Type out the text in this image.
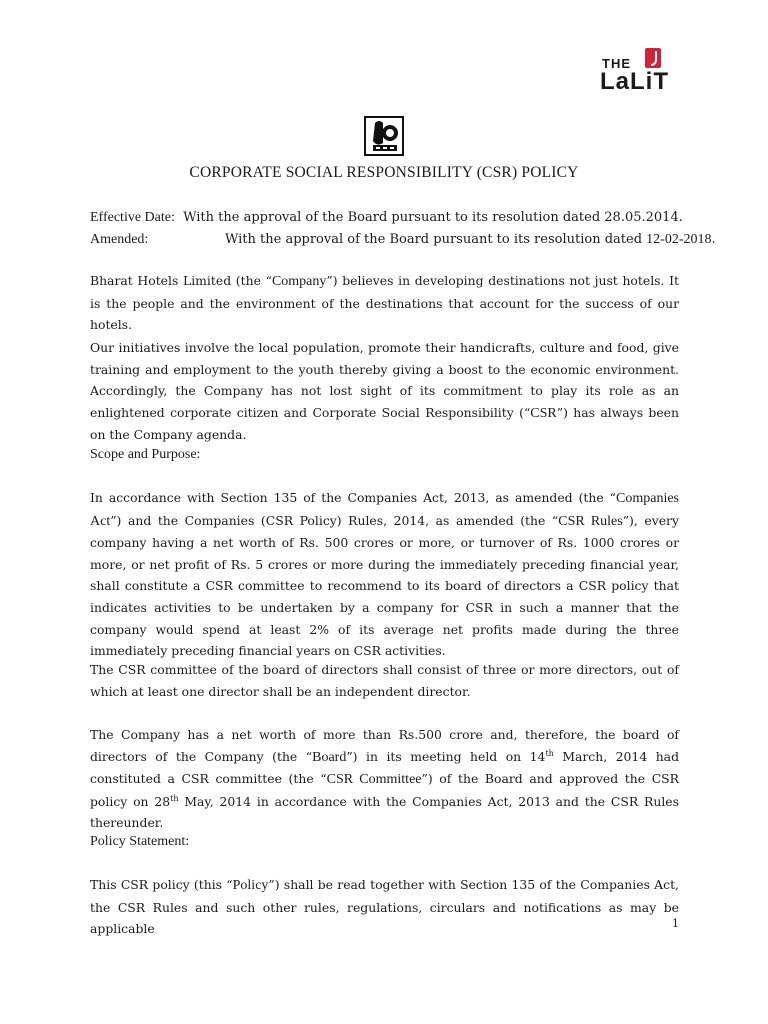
THE
LaLiT
CORPORATE SOCIAL RESPONSIBILITY (CSR) POLICY
Effective Date: With the approval of the Board pursuant to its resolution dated 28.05.2014.
Amended:	With the approval of the Board pursuant to its resolution dated 12-02-2018.

Bharat Hotels Limited (the “Company”) believes in developing destinations not just hotels. It is the people and the environment of the destinations that account for the success of our hotels.

Our initiatives involve the local population, promote their handicrafts, culture and food, give training and employment to the youth thereby giving a boost to the economic environment. Accordingly, the Company has not lost sight of its commitment to play its role as an enlightened corporate citizen and Corporate Social Responsibility (“CSR”) has always been on the Company agenda.

Scope and Purpose:

In accordance with Section 135 of the Companies Act, 2013, as amended (the “Companies Act”) and the Companies (CSR Policy) Rules, 2014, as amended (the “CSR Rules”), every company having a net worth of Rs. 500 crores or more, or turnover of Rs. 1000 crores or more, or net profit of Rs. 5 crores or more during the immediately preceding financial year, shall constitute a CSR committee to recommend to its board of directors a CSR policy that indicates activities to be undertaken by a company for CSR in such a manner that the company would spend at least 2% of its average net profits made during the three immediately preceding financial years on CSR activities.

The CSR committee of the board of directors shall consist of three or more directors, out of which at least one director shall be an independent director.

The Company has a net worth of more than Rs.500 crore and, therefore, the board of directors of the Company (the “Board”) in its meeting held on 14th March, 2014 had constituted a CSR committee (the “CSR Committee”) of the Board and approved the CSR policy on 28th May, 2014 in accordance with the Companies Act, 2013 and the CSR Rules thereunder.

Policy Statement:

This CSR policy (this “Policy”) shall be read together with Section 135 of the Companies Act, the CSR Rules and such other rules, regulations, circulars and notifications as may be applicable	1
